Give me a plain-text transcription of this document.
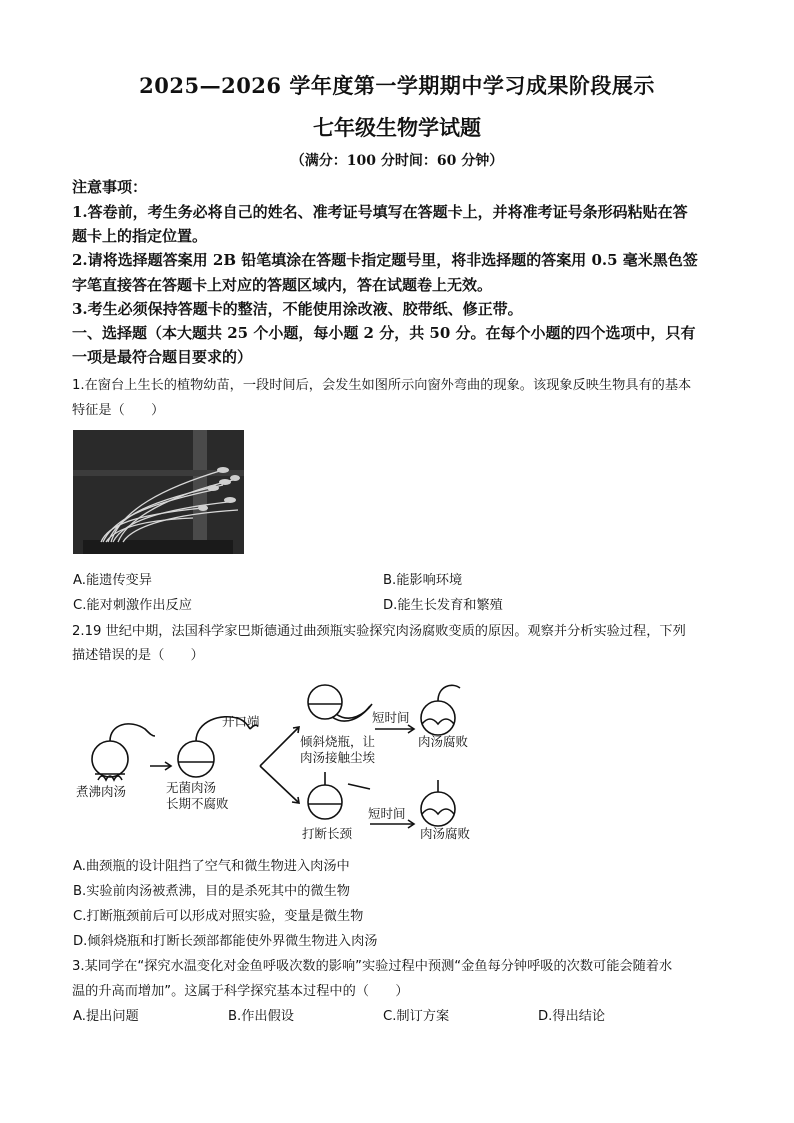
2025—2026 学年度第一学期期中学习成果阶段展示
七年级生物学试题
（满分：100 分时间：60 分钟）
注意事项：
1.答卷前，考生务必将自己的姓名、准考证号填写在答题卡上，并将准考证号条形码粘贴在答
题卡上的指定位置。
2.请将选择题答案用 2B 铅笔填涂在答题卡指定题号里，将非选择题的答案用 0.5 毫米黑色签
字笔直接答在答题卡上对应的答题区域内，答在试题卷上无效。
3.考生必须保持答题卡的整洁，不能使用涂改液、胶带纸、修正带。
一、选择题（本大题共 25 个小题，每小题 2 分，共 50 分。在每个小题的四个选项中，只有
一项是最符合题目要求的）
1.在窗台上生长的植物幼苗，一段时间后，会发生如图所示向窗外弯曲的现象。该现象反映生物具有的基本
特征是（　　）
A.能遗传变异	B.能影响环境
C.能对刺激作出反应	D.能生长发育和繁殖
2.19 世纪中期，法国科学家巴斯德通过曲颈瓶实验探究肉汤腐败变质的原因。观察并分析实验过程，下列
描述错误的是（　　）
煮沸肉汤
开口端
无菌肉汤
长期不腐败
倾斜烧瓶，让
肉汤接触尘埃
短时间
肉汤腐败
打断长颈
短时间
肉汤腐败
A.曲颈瓶的设计阻挡了空气和微生物进入肉汤中
B.实验前肉汤被煮沸，目的是杀死其中的微生物
C.打断瓶颈前后可以形成对照实验，变量是微生物
D.倾斜烧瓶和打断长颈部都能使外界微生物进入肉汤
3.某同学在“探究水温变化对金鱼呼吸次数的影响”实验过程中预测“金鱼每分钟呼吸的次数可能会随着水
温的升高而增加”。这属于科学探究基本过程中的（　　）
A.提出问题	B.作出假设	C.制订方案	D.得出结论
